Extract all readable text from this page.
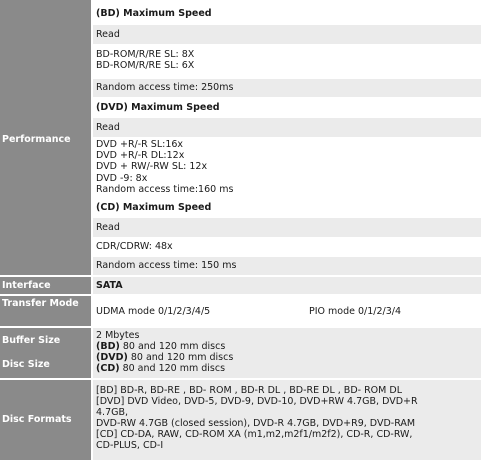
Performance
Interface
Transfer Mode
Buffer Size
Disc Size
Disc Formats
(BD) Maximum Speed
Read
BD-ROM/R/RE SL: 8X
BD-ROM/R/RE SL: 6X
Random access time: 250ms
(DVD) Maximum Speed
Read
DVD +R/-R SL:16x
DVD +R/-R DL:12x
DVD + RW/-RW SL: 12x
DVD -9: 8x
Random access time:160 ms
(CD) Maximum Speed
Read
CDR/CDRW: 48x
Random access time: 150 ms
SATA
UDMA mode 0/1/2/3/4/5	PIO mode 0/1/2/3/4
2 Mbytes
(BD) 80 and 120 mm discs
(DVD) 80 and 120 mm discs
(CD) 80 and 120 mm discs
[BD] BD-R, BD-RE , BD- ROM , BD-R DL , BD-RE DL , BD- ROM DL
[DVD] DVD Video, DVD-5, DVD-9, DVD-10, DVD+RW 4.7GB, DVD+R
4.7GB,
DVD-RW 4.7GB (closed session), DVD-R 4.7GB, DVD+R9, DVD-RAM
[CD] CD-DA, RAW, CD-ROM XA (m1,m2,m2f1/m2f2), CD-R, CD-RW,
CD-PLUS, CD-I
